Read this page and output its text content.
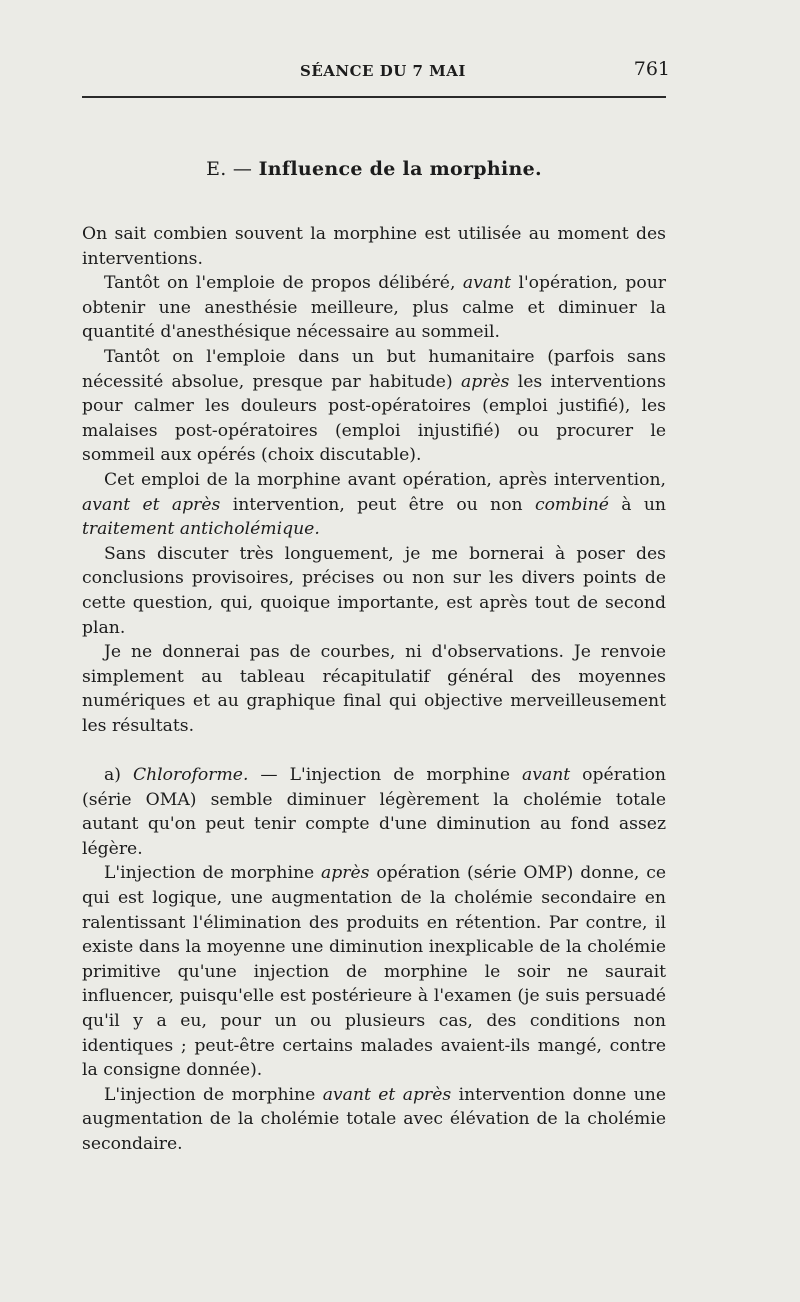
SÉANCE DU 7 MAI	761
E. — Influence de la morphine.

On sait combien souvent la morphine est utilisée au moment des interventions.

Tantôt on l'emploie de propos délibéré, avant l'opération, pour obtenir une anesthésie meilleure, plus calme et diminuer la quantité d'anesthésique nécessaire au sommeil.

Tantôt on l'emploie dans un but humanitaire (parfois sans nécessité absolue, presque par habitude) après les interventions pour calmer les douleurs post-opératoires (emploi justifié), les malaises post-opératoires (emploi injustifié) ou procurer le sommeil aux opérés (choix discutable).

Cet emploi de la morphine avant opération, après intervention, avant et après intervention, peut être ou non combiné à un traitement anticholémique.

Sans discuter très longuement, je me bornerai à poser des conclusions provisoires, précises ou non sur les divers points de cette question, qui, quoique importante, est après tout de second plan.

Je ne donnerai pas de courbes, ni d'observations. Je renvoie simplement au tableau récapitulatif général des moyennes numériques et au graphique final qui objective merveilleusement les résultats.

a) Chloroforme. — L'injection de morphine avant opération (série OMA) semble diminuer légèrement la cholémie totale autant qu'on peut tenir compte d'une diminution au fond assez légère.

L'injection de morphine après opération (série OMP) donne, ce qui est logique, une augmentation de la cholémie secondaire en ralentissant l'élimination des produits en rétention. Par contre, il existe dans la moyenne une diminution inexplicable de la cholémie primitive qu'une injection de morphine le soir ne saurait influencer, puisqu'elle est postérieure à l'examen (je suis persuadé qu'il y a eu, pour un ou plusieurs cas, des conditions non identiques ; peut-être certains malades avaient-ils mangé, contre la consigne donnée).

L'injection de morphine avant et après intervention donne une augmentation de la cholémie totale avec élévation de la cholémie secondaire.
